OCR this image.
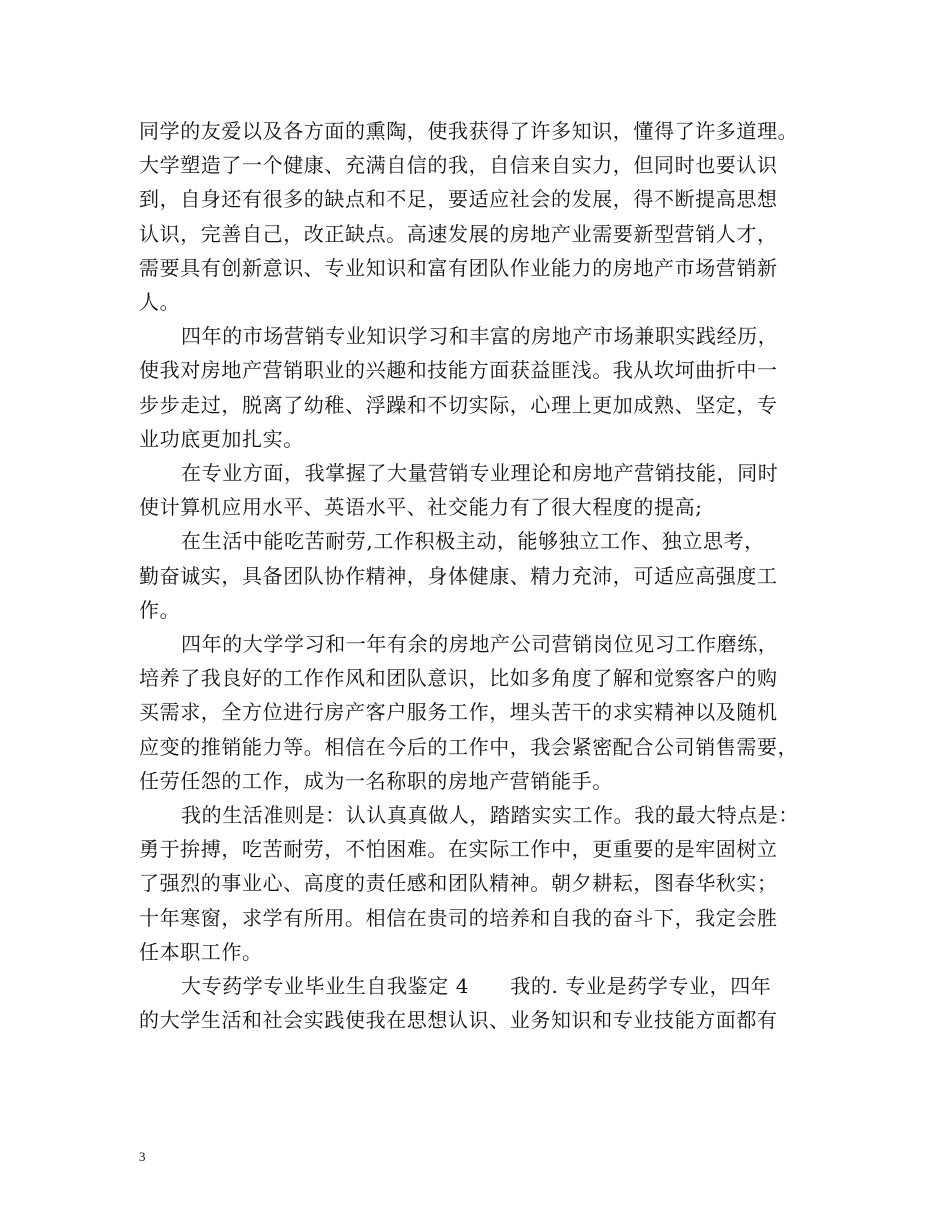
同学的友爱以及各方面的熏陶，使我获得了许多知识，懂得了许多道理。
大学塑造了一个健康、充满自信的我，自信来自实力，但同时也要认识
到，自身还有很多的缺点和不足，要适应社会的发展，得不断提高思想
认识，完善自己，改正缺点。高速发展的房地产业需要新型营销人才，
需要具有创新意识、专业知识和富有团队作业能力的房地产市场营销新
人。

四年的市场营销专业知识学习和丰富的房地产市场兼职实践经历，
使我对房地产营销职业的兴趣和技能方面获益匪浅。我从坎坷曲折中一
步步走过，脱离了幼稚、浮躁和不切实际，心理上更加成熟、坚定，专
业功底更加扎实。

在专业方面，我掌握了大量营销专业理论和房地产营销技能，同时
使计算机应用水平、英语水平、社交能力有了很大程度的提高;

在生活中能吃苦耐劳,工作积极主动，能够独立工作、独立思考，
勤奋诚实，具备团队协作精神，身体健康、精力充沛，可适应高强度工
作。

四年的大学学习和一年有余的房地产公司营销岗位见习工作磨练，
培养了我良好的工作作风和团队意识，比如多角度了解和觉察客户的购
买需求，全方位进行房产客户服务工作，埋头苦干的求实精神以及随机
应变的推销能力等。相信在今后的工作中，我会紧密配合公司销售需要，
任劳任怨的工作，成为一名称职的房地产营销能手。

我的生活准则是：认认真真做人，踏踏实实工作。我的最大特点是：
勇于拚搏，吃苦耐劳，不怕困难。在实际工作中，更重要的是牢固树立
了强烈的事业心、高度的责任感和团队精神。朝夕耕耘，图春华秋实；
十年寒窗，求学有所用。相信在贵司的培养和自我的奋斗下，我定会胜
任本职工作。

大专药学专业毕业生自我鉴定 4　　我的. 专业是药学专业，四年
的大学生活和社会实践使我在思想认识、业务知识和专业技能方面都有

3
